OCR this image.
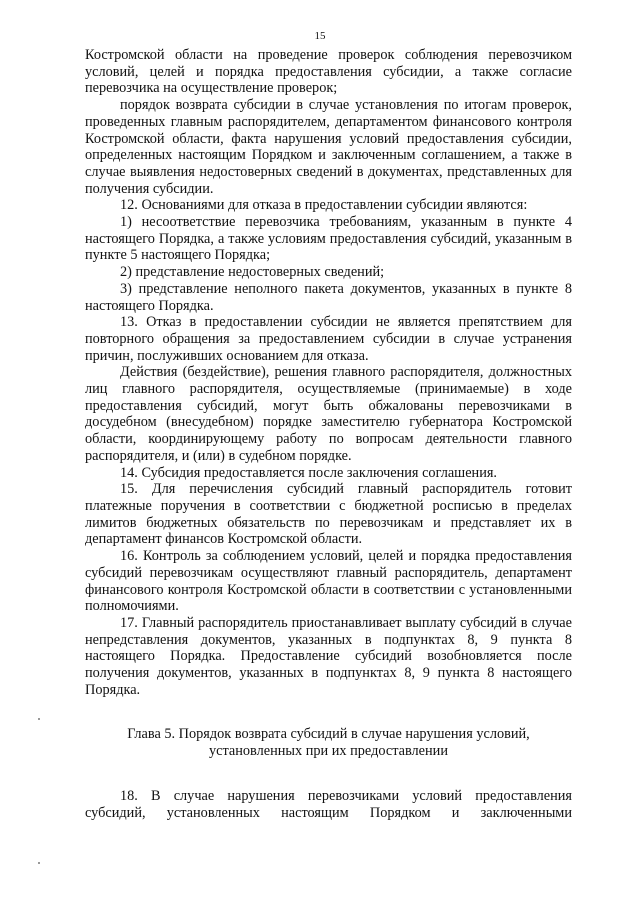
15

Костромской области на проведение проверок соблюдения перевозчиком условий, целей и порядка предоставления субсидии, а также согласие перевозчика на осуществление проверок;

порядок возврата субсидии в случае установления по итогам проверок, проведенных главным распорядителем, департаментом финансового контроля Костромской области, факта нарушения условий предоставления субсидии, определенных настоящим Порядком и заключенным соглашением, а также в случае выявления недостоверных сведений в документах, представленных для получения субсидии.

12. Основаниями для отказа в предоставлении субсидии являются:

1) несоответствие перевозчика требованиям, указанным в пункте 4 настоящего Порядка, а также условиям предоставления субсидий, указанным в пункте 5 настоящего Порядка;

2) представление недостоверных сведений;

3) представление неполного пакета документов, указанных в пункте 8 настоящего Порядка.

13. Отказ в предоставлении субсидии не является препятствием для повторного обращения за предоставлением субсидии в случае устранения причин, послуживших основанием для отказа.

Действия (бездействие), решения главного распорядителя, должностных лиц главного распорядителя, осуществляемые (принимаемые) в ходе предоставления субсидий, могут быть обжалованы перевозчиками в досудебном (внесудебном) порядке заместителю губернатора Костромской области, координирующему работу по вопросам деятельности главного распорядителя, и (или) в судебном порядке.

14. Субсидия предоставляется после заключения соглашения.

15. Для перечисления субсидий главный распорядитель готовит платежные поручения в соответствии с бюджетной росписью в пределах лимитов бюджетных обязательств по перевозчикам и представляет их в департамент финансов Костромской области.

16. Контроль за соблюдением условий, целей и порядка предоставления субсидий перевозчикам осуществляют главный распорядитель, департамент финансового контроля Костромской области в соответствии с установленными полномочиями.

17. Главный распорядитель приостанавливает выплату субсидий в случае непредставления документов, указанных в подпунктах 8, 9 пункта 8 настоящего Порядка. Предоставление субсидий возобновляется после получения документов, указанных в подпунктах 8, 9 пункта 8 настоящего Порядка.

Глава 5. Порядок возврата субсидий в случае нарушения условий,
установленных при их предоставлении

18. В случае нарушения перевозчиками условий предоставления субсидий, установленных настоящим Порядком и заключенными
